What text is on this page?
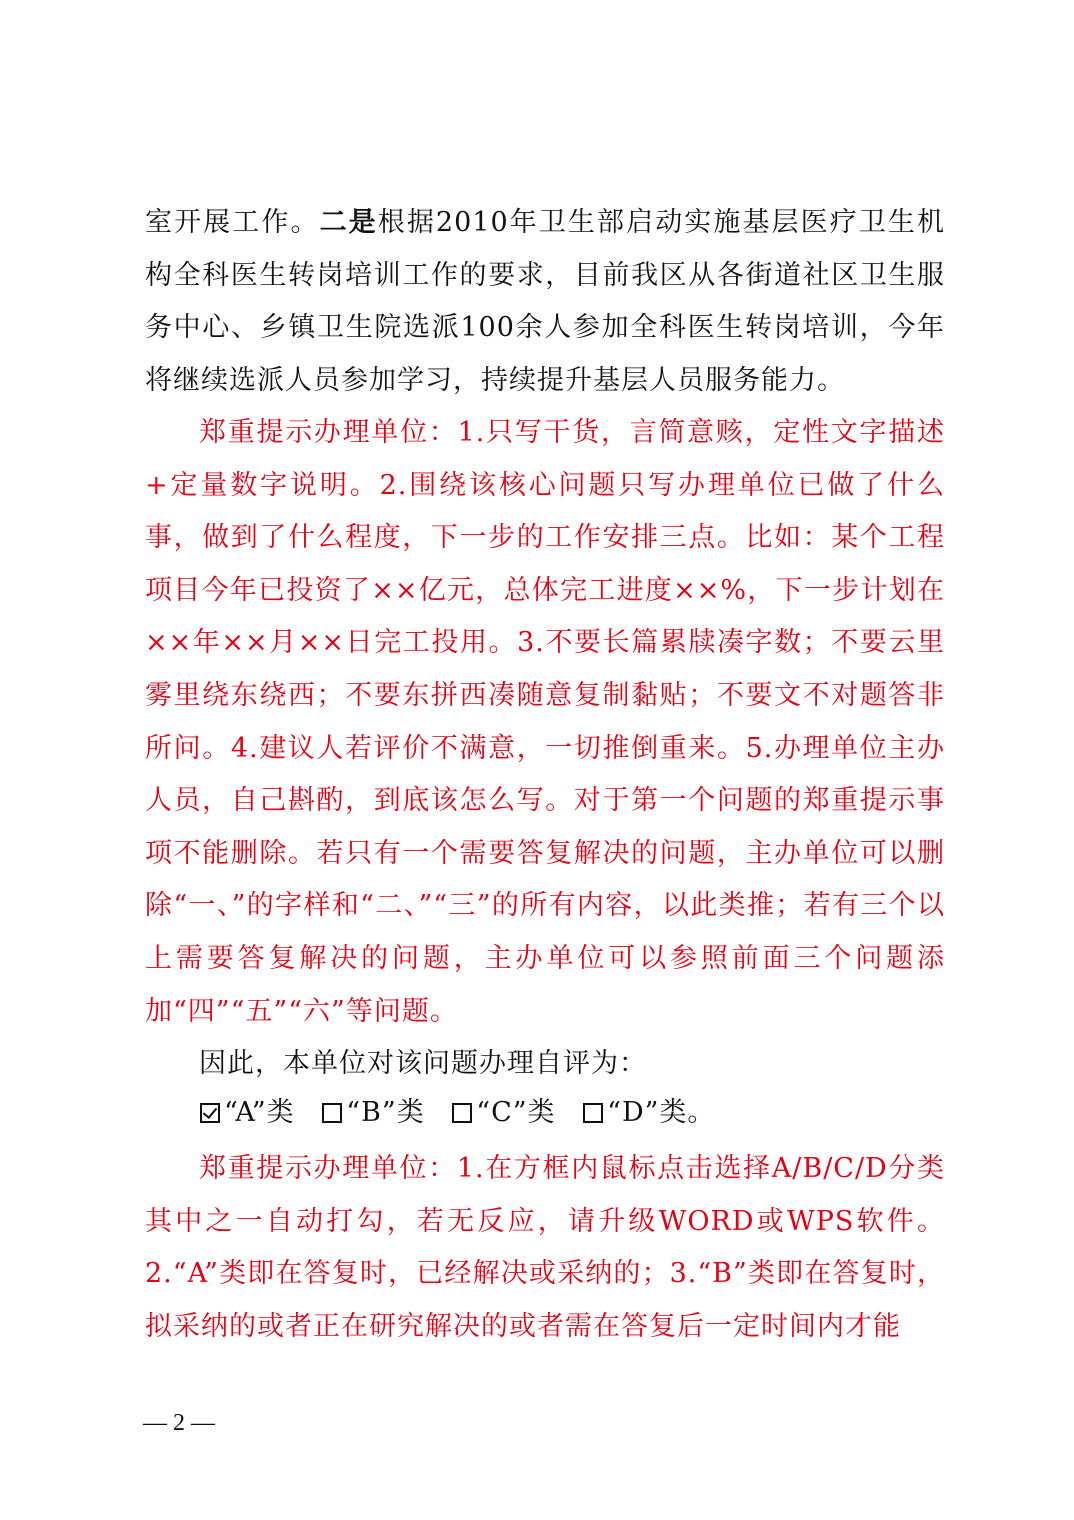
室开展工作。二是根据2010年卫生部启动实施基层医疗卫生机构全科医生转岗培训工作的要求，目前我区从各街道社区卫生服务中心、乡镇卫生院选派100余人参加全科医生转岗培训，今年将继续选派人员参加学习，持续提升基层人员服务能力。

郑重提示办理单位：1.只写干货，言简意赅，定性文字描述+定量数字说明。2.围绕该核心问题只写办理单位已做了什么事，做到了什么程度，下一步的工作安排三点。比如：某个工程项目今年已投资了××亿元，总体完工进度××%，下一步计划在××年××月××日完工投用。3.不要长篇累牍凑字数；不要云里雾里绕东绕西；不要东拼西凑随意复制黏贴；不要文不对题答非所问。4.建议人若评价不满意，一切推倒重来。5.办理单位主办人员，自己斟酌，到底该怎么写。对于第一个问题的郑重提示事项不能删除。若只有一个需要答复解决的问题，主办单位可以删除“一、”的字样和“二、”“三”的所有内容，以此类推；若有三个以上需要答复解决的问题，主办单位可以参照前面三个问题添加“四”“五”“六”等问题。

因此，本单位对该问题办理自评为：

“A”类 “B”类 “C”类 “D”类。

郑重提示办理单位：1.在方框内鼠标点击选择A/B/C/D分类其中之一自动打勾，若无反应，请升级WORD或WPS软件。2.“A”类即在答复时，已经解决或采纳的；3.“B”类即在答复时，拟采纳的或者正在研究解决的或者需在答复后一定时间内才能

— 2 —
